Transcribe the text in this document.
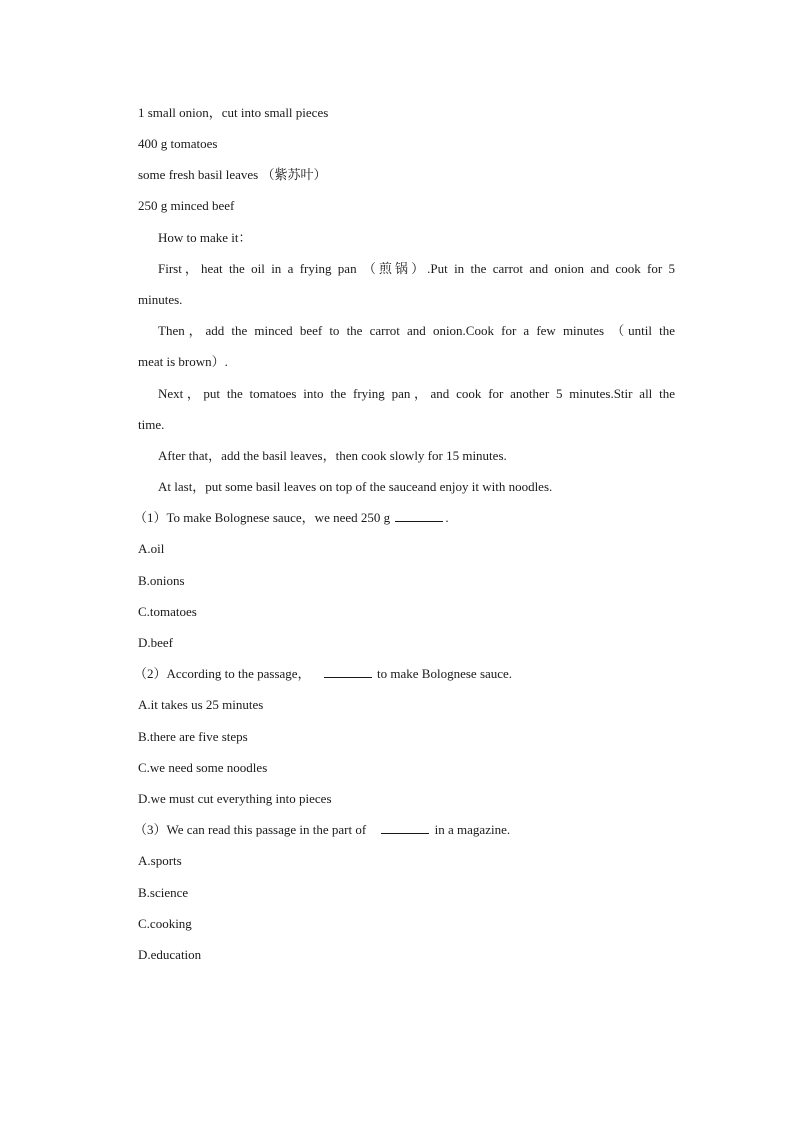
1 small onion，cut into small pieces
400 g tomatoes
some fresh basil leaves （紫苏叶）
250 g minced beef
How to make it：
First，heat the oil in a frying pan （煎锅）.Put in the carrot and onion and cook for 5
minutes.
Then，add the minced beef to the carrot and onion.Cook for a few minutes （until the
meat is brown）.
Next，put the tomatoes into the frying pan，and cook for another 5 minutes.Stir all the
time.
After that，add the basil leaves，then cook slowly for 15 minutes.
At last，put some basil leaves on top of the sauceand enjoy it with noodles.
（1）To make Bolognese sauce，we need 250 g	.
A.oil
B.onions
C.tomatoes
D.beef
（2）According to the passage，	to make Bolognese sauce.
A.it takes us 25 minutes
B.there are five steps
C.we need some noodles
D.we must cut everything into pieces
（3）We can read this passage in the part of	in a magazine.
A.sports
B.science
C.cooking
D.education
